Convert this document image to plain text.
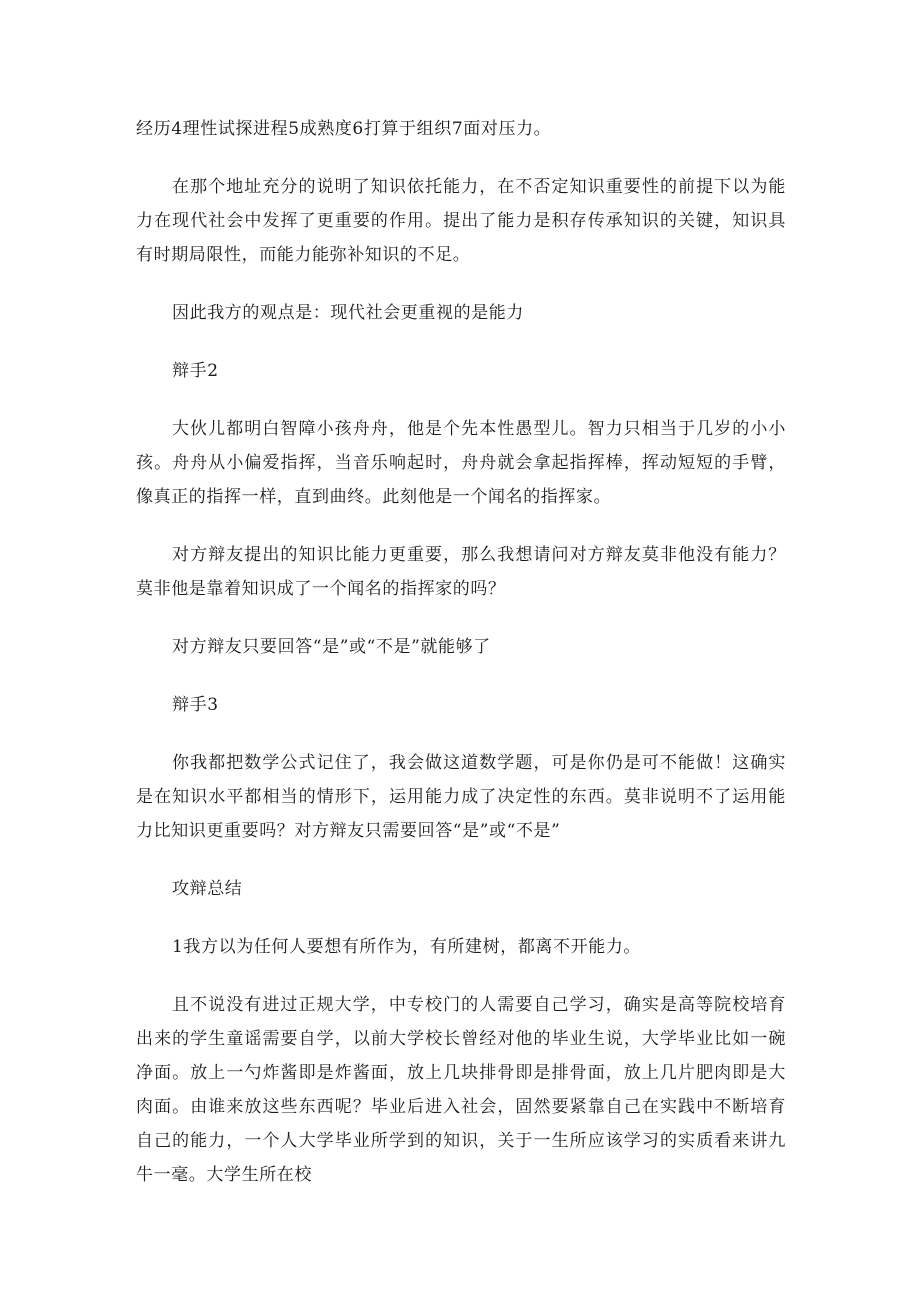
经历4理性试探进程5成熟度6打算于组织7面对压力。

在那个地址充分的说明了知识依托能力，在不否定知识重要性的前提下以为能力在现代社会中发挥了更重要的作用。提出了能力是积存传承知识的关键，知识具有时期局限性，而能力能弥补知识的不足。

因此我方的观点是：现代社会更重视的是能力

辩手2

大伙儿都明白智障小孩舟舟，他是个先本性愚型儿。智力只相当于几岁的小小孩。舟舟从小偏爱指挥，当音乐响起时，舟舟就会拿起指挥棒，挥动短短的手臂，像真正的指挥一样，直到曲终。此刻他是一个闻名的指挥家。

对方辩友提出的知识比能力更重要，那么我想请问对方辩友莫非他没有能力？莫非他是靠着知识成了一个闻名的指挥家的吗？

对方辩友只要回答“是”或“不是”就能够了

辩手3

你我都把数学公式记住了，我会做这道数学题，可是你仍是可不能做！这确实是在知识水平都相当的情形下，运用能力成了决定性的东西。莫非说明不了运用能力比知识更重要吗？对方辩友只需要回答“是”或“不是”

攻辩总结

1我方以为任何人要想有所作为，有所建树，都离不开能力。

且不说没有进过正规大学，中专校门的人需要自己学习，确实是高等院校培育出来的学生童谣需要自学，以前大学校长曾经对他的毕业生说，大学毕业比如一碗净面。放上一勺炸酱即是炸酱面，放上几块排骨即是排骨面，放上几片肥肉即是大肉面。由谁来放这些东西呢？毕业后进入社会，固然要紧靠自己在实践中不断培育自己的能力，一个人大学毕业所学到的知识，关于一生所应该学习的实质看来讲九牛一毫。大学生所在校
